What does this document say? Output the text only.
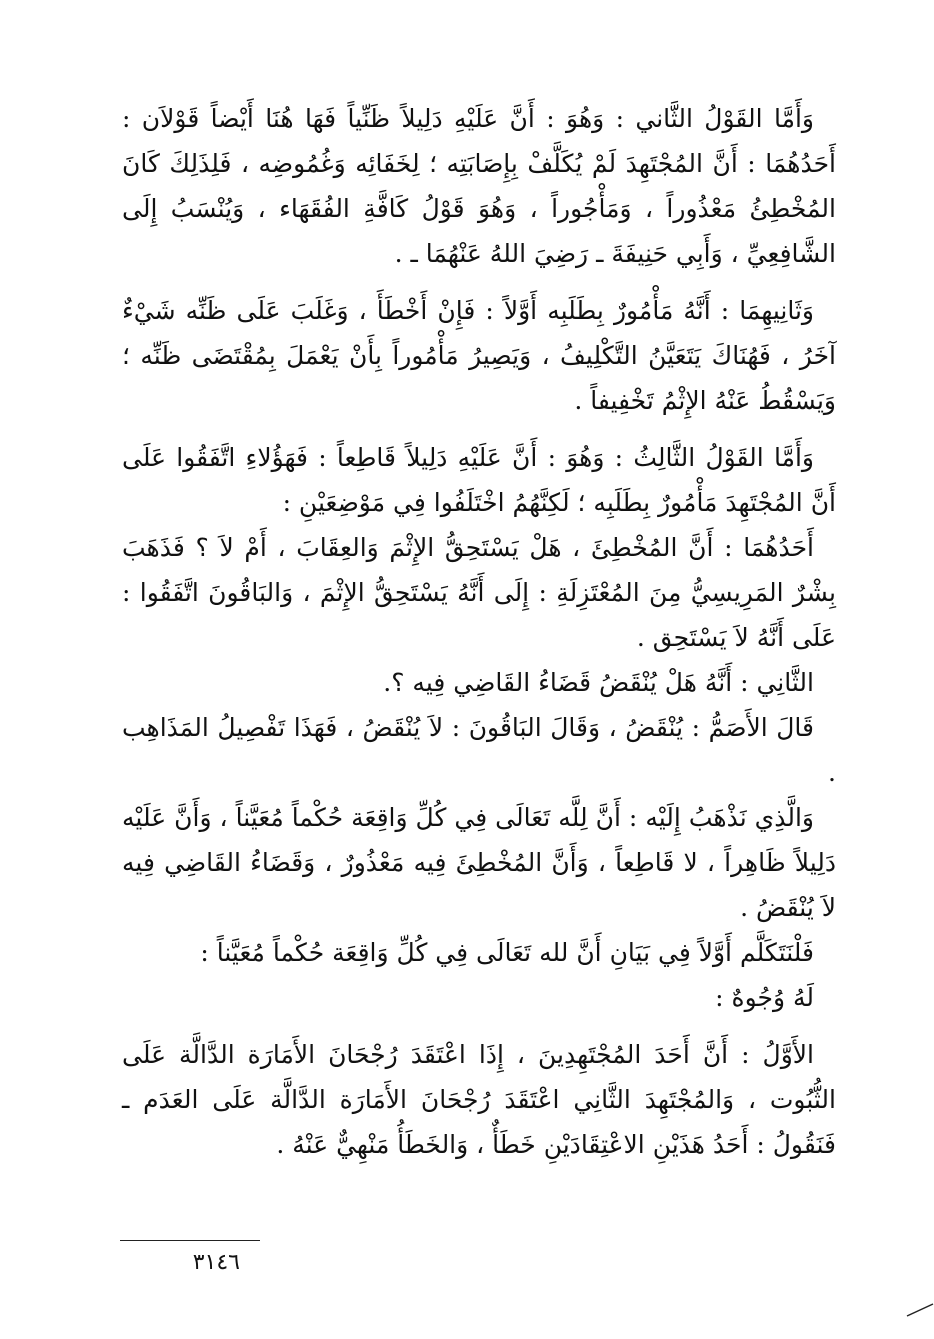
وَأَمَّا القَوْلُ الثَّاني : وَهُوَ : أَنَّ عَلَيْهِ دَلِيلاً ظَنِّياً فَهَا هُنَا أَيْضاً قَوْلاَن : أَحَدُهُمَا : أَنَّ المُجْتَهِدَ لَمْ يُكَلَّفْ بِإِصَابَتِه ؛ لِخَفَائِه وَغُمُوضِه ، فَلِذَلِكَ كَانَ المُخْطِئُ مَعْذُوراً ، وَمَأْجُوراً ، وَهُوَ قَوْلُ كَافَّةِ الفُقَهَاء ، وَيُنْسَبُ إِلَى الشَّافِعِيِّ ، وَأَبِي حَنِيفَةَ ـ رَضِيَ اللهُ عَنْهُمَا ـ .

وَثَانِيهِمَا : أَنَّهُ مَأْمُورٌ بِطَلَبِه أَوَّلاً : فَإِنْ أَخْطَأَ ، وَغَلَبَ عَلَى ظَنِّه شَيْءٌ آخَرُ ، فَهُنَاكَ يَتَعَيَّنُ التَّكْلِيفُ ، وَيَصِيرُ مَأْمُوراً بِأَنْ يَعْمَلَ بِمُقْتَضَى ظَنِّه ؛ وَيَسْقُطُ عَنْهُ الإِثْمُ تَخْفِيفاً .

وَأَمَّا القَوْلُ الثَّالِثُ : وَهُوَ : أَنَّ عَلَيْهِ دَلِيلاً قَاطِعاً : فَهَؤُلاءِ اتَّفَقُوا عَلَى أَنَّ المُجْتَهِدَ مَأْمُورٌ بِطَلَبِه ؛ لَكِنَّهُمُ اخْتَلَفُوا فِي مَوْضِعَيْنِ :

أَحَدُهُمَا : أَنَّ المُخْطِئَ ، هَلْ يَسْتَحِقُّ الإِثْمَ وَالعِقَابَ ، أَمْ لاَ ؟ فَذَهَبَ بِشْرٌ المَرِيسِيُّ مِنَ المُعْتَزِلَةِ : إِلَى أَنَّهُ يَسْتَحِقُّ الإِثْمَ ، وَالبَاقُونَ اتَّفَقُوا : عَلَى أَنَّهُ لاَ يَسْتَحِق .

الثَّانِي : أَنَّهُ هَلْ يُنْقَضُ قَضَاءُ القَاضِي فِيه ؟.

قَالَ الأَصَمُّ : يُنْقَضُ ، وَقَالَ البَاقُونَ : لاَ يُنْقَضُ ، فَهَذَا تَفْصِيلُ المَذَاهِب .

وَالَّذِي نَذْهَبُ إِلَيْه : أَنَّ لِلَّه تَعَالَى فِي كُلِّ وَاقِعَة حُكْماً مُعَيَّناً ، وَأَنَّ عَلَيْه دَلِيلاً ظَاهِراً ، لا قَاطِعاً ، وَأَنَّ المُخْطِئَ فِيه مَعْذُورٌ ، وَقَضَاءُ القَاضِي فِيه لاَ يُنْقَضُ .

فَلْنَتَكَلَّم أَوَّلاً فِي بَيَانِ أَنَّ لله تَعَالَى فِي كُلِّ وَاقِعَة حُكْماً مُعَيَّناً :

لَهُ وُجُوهٌ :

الأَوَّلُ : أَنَّ أَحَدَ المُجْتَهِدِينَ ، إِذَا اعْتَقَدَ رُجْحَانَ الأَمَارَة الدَّالَّة عَلَى الثُّبُوت ، وَالمُجْتَهِدَ الثَّانِي اعْتَقَدَ رُجْحَانَ الأَمَارَة الدَّالَّة عَلَى العَدَم ـ فَنَقُولُ : أَحَدُ هَذَيْنِ الاعْتِقَادَيْنِ خَطَأٌ ، وَالخَطَأُ مَنْهِيٌّ عَنْهُ .

٣١٤٦
